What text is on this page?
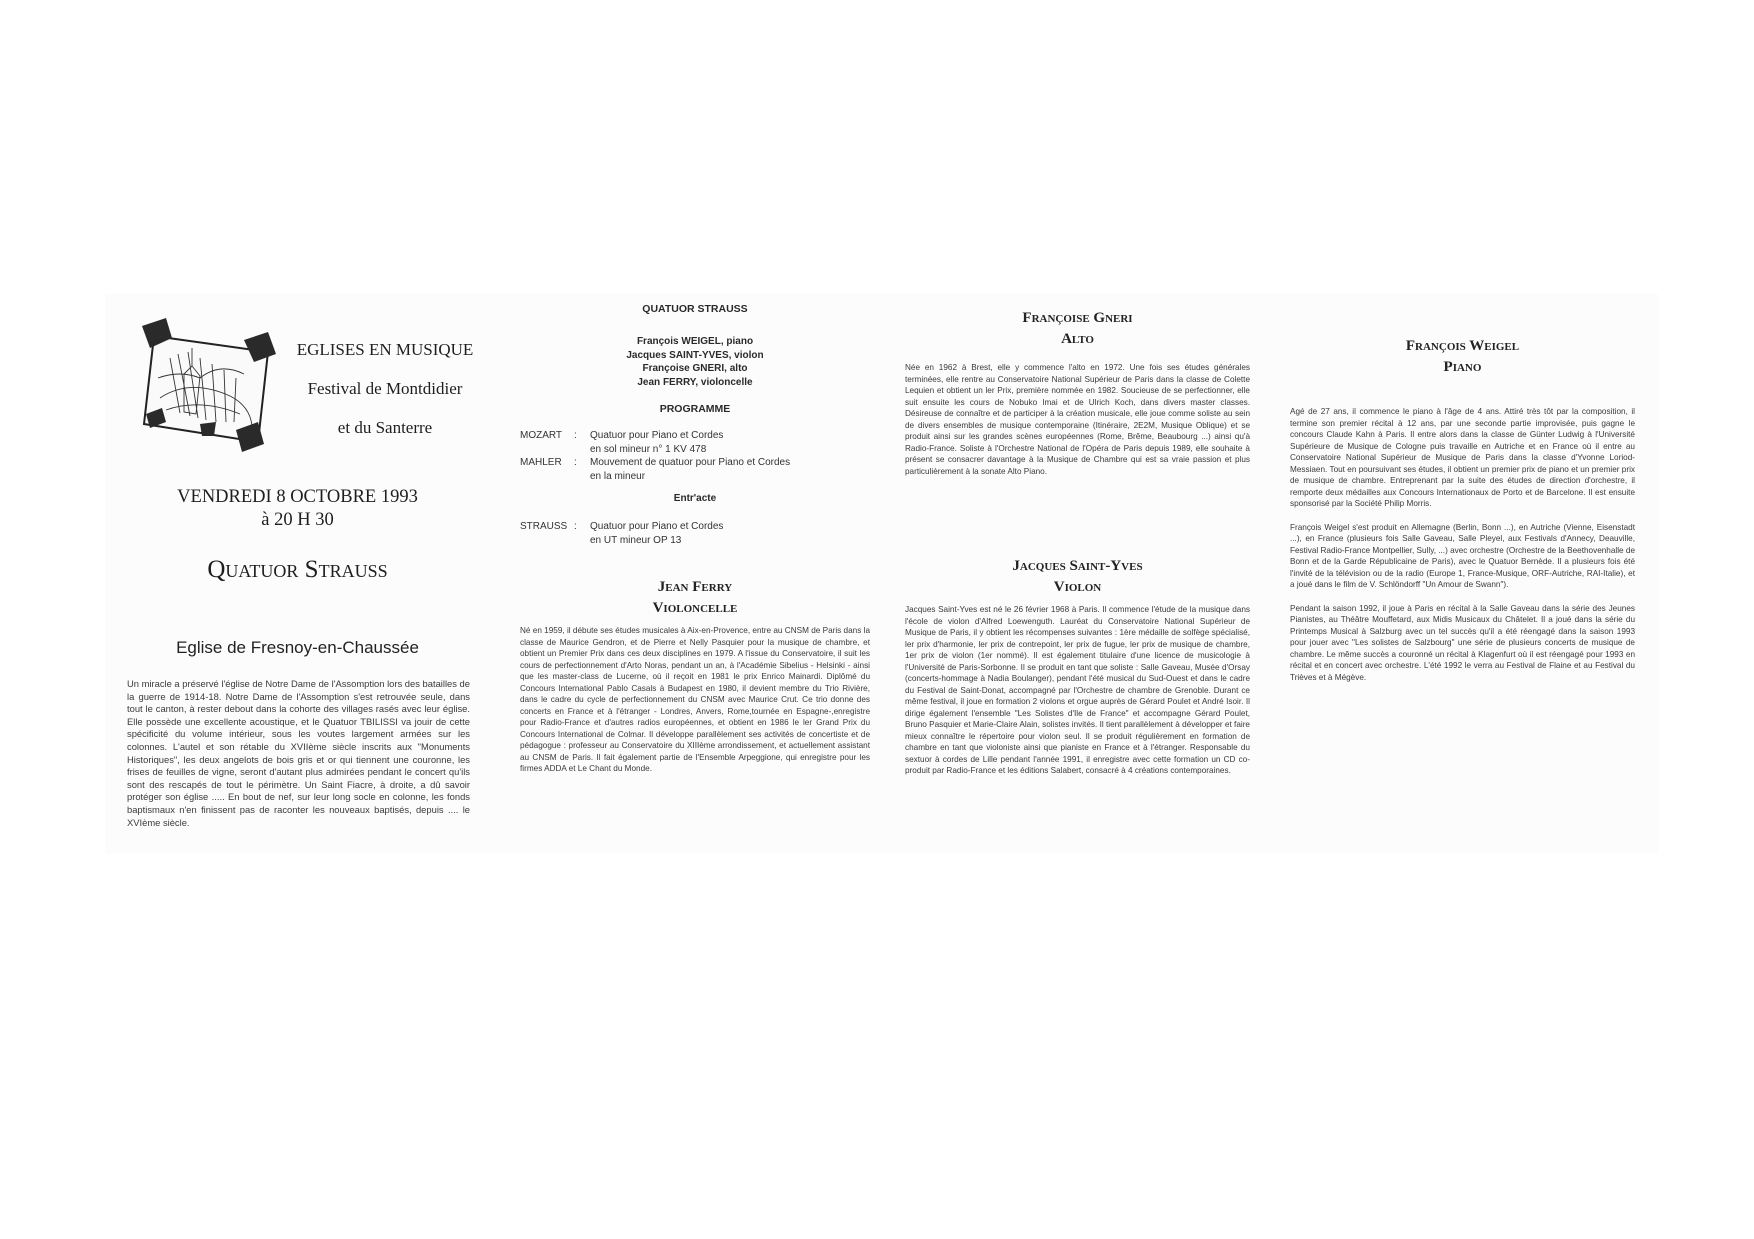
EGLISES EN MUSIQUE
Festival de Montdidier
et du Santerre
VENDREDI 8 OCTOBRE 1993
à 20 H 30
Quatuor Strauss
Eglise de Fresnoy-en-Chaussée

Un miracle a préservé l'église de Notre Dame de l'Assomption lors des batailles de la guerre de 1914-18. Notre Dame de l'Assomption s'est retrouvée seule, dans tout le canton, à rester debout dans la cohorte des villages rasés avec leur église. Elle possède une excellente acoustique, et le Quatuor TBILISSI va jouir de cette spécificité du volume intérieur, sous les voutes largement armées sur les colonnes. L'autel et son rétable du XVIIème siècle inscrits aux "Monuments Historiques", les deux angelots de bois gris et or qui tiennent une couronne, les frises de feuilles de vigne, seront d'autant plus admirées pendant le concert qu'ils sont des rescapés de tout le périmètre. Un Saint Fiacre, à droite, a dû savoir protéger son église ..... En bout de nef, sur leur long socle en colonne, les fonds baptismaux n'en finissent pas de raconter les nouveaux baptisés, depuis .... le XVIème siècle.

QUATUOR STRAUSS
François WEIGEL, piano
Jacques SAINT-YVES, violon
Françoise GNERI, alto
Jean FERRY, violoncelle
PROGRAMME
MOZART	:	Quatuor pour Piano et Cordes
en sol mineur n° 1 KV 478
MAHLER	:	Mouvement de quatuor pour Piano et Cordes
en la mineur
Entr'acte
STRAUSS :	Quatuor pour Piano et Cordes
en UT mineur OP 13
Jean Ferry
Violoncelle

Né en 1959, il débute ses études musicales à Aix-en-Provence, entre au CNSM de Paris dans la classe de Maurice Gendron, et de Pierre et Nelly Pasquier pour la musique de chambre, et obtient un Premier Prix dans ces deux disciplines en 1979. A l'issue du Conservatoire, il suit les cours de perfectionnement d'Arto Noras, pendant un an, à l'Académie Sibelius - Helsinki - ainsi que les master-class de Lucerne, où il reçoit en 1981 le prix Enrico Mainardi. Diplômé du Concours International Pablo Casals à Budapest en 1980, il devient membre du Trio Rivière, dans le cadre du cycle de perfectionnement du CNSM avec Maurice Crut. Ce trio donne des concerts en France et à l'étranger - Londres, Anvers, Rome,tournée en Espagne-,enregistre pour Radio-France et d'autres radios européennes, et obtient en 1986 le ler Grand Prix du Concours International de Colmar. Il développe parallèlement ses activités de concertiste et de pédagogue : professeur au Conservatoire du XIIIème arrondissement, et actuellement assistant au CNSM de Paris. Il fait également partie de l'Ensemble Arpeggione, qui enregistre pour les firmes ADDA et Le Chant du Monde.

Françoise Gneri
Alto

Née en 1962 à Brest, elle y commence l'alto en 1972. Une fois ses études générales terminées, elle rentre au Conservatoire National Supérieur de Paris dans la classe de Colette Lequien et obtient un ler Prix, première nommée en 1982. Soucieuse de se perfectionner, elle suit ensuite les cours de Nobuko Imai et de Ulrich Koch, dans divers master classes. Désireuse de connaître et de participer à la création musicale, elle joue comme soliste au sein de divers ensembles de musique contemporaine (Itinéraire, 2E2M, Musique Oblique) et se produit ainsi sur les grandes scènes européennes (Rome, Brême, Beaubourg ...) ainsi qu'à Radio-France. Soliste à l'Orchestre National de l'Opéra de Paris depuis 1989, elle souhaite à présent se consacrer davantage à la Musique de Chambre qui est sa vraie passion et plus particulièrement à la sonate Alto Piano.

Jacques Saint-Yves
Violon

Jacques Saint-Yves est né le 26 février 1968 à Paris. Il commence l'étude de la musique dans l'école de violon d'Alfred Loewenguth. Lauréat du Conservatoire National Supérieur de Musique de Paris, il y obtient les récompenses suivantes : 1ère médaille de solfège spécialisé, ler prix d'harmonie, ler prix de contrepoint, ler prix de fugue, ler prix de musique de chambre, 1er prix de violon (1er nommé). Il est également titulaire d'une licence de musicologie à l'Université de Paris-Sorbonne. Il se produit en tant que soliste : Salle Gaveau, Musée d'Orsay (concerts-hommage à Nadia Boulanger), pendant l'été musical du Sud-Ouest et dans le cadre du Festival de Saint-Donat, accompagné par l'Orchestre de chambre de Grenoble. Durant ce même festival, il joue en formation 2 violons et orgue auprès de Gérard Poulet et André Isoir. Il dirige également l'ensemble "Les Solistes d'Ile de France" et accompagne Gérard Poulet, Bruno Pasquier et Marie-Claire Alain, solistes invités. Il tient parallèlement à développer et faire mieux connaître le répertoire pour violon seul. Il se produit régulièrement en formation de chambre en tant que violoniste ainsi que pianiste en France et à l'étranger. Responsable du sextuor à cordes de Lille pendant l'année 1991, il enregistre avec cette formation un CD co-produit par Radio-France et les éditions Salabert, consacré à 4 créations contemporaines.

François Weigel
Piano

Agé de 27 ans, il commence le piano à l'âge de 4 ans. Attiré très tôt par la composition, il termine son premier récital à 12 ans, par une seconde partie improvisée, puis gagne le concours Claude Kahn à Paris. Il entre alors dans la classe de Günter Ludwig à l'Université Supérieure de Musique de Cologne puis travaille en Autriche et en France où il entre au Conservatoire National Supérieur de Musique de Paris dans la classe d'Yvonne Loriod-Messiaen. Tout en poursuivant ses études, il obtient un premier prix de piano et un premier prix de musique de chambre. Entreprenant par la suite des études de direction d'orchestre, il remporte deux médailles aux Concours Internationaux de Porto et de Barcelone. Il est ensuite sponsorisé par la Société Philip Morris.

François Weigel s'est produit en Allemagne (Berlin, Bonn ...), en Autriche (Vienne, Eisenstadt ...), en France (plusieurs fois Salle Gaveau, Salle Pleyel, aux Festivals d'Annecy, Deauville, Festival Radio-France Montpellier, Sully, ...) avec orchestre (Orchestre de la Beethovenhalle de Bonn et de la Garde Républicaine de Paris), avec le Quatuor Bernède. Il a plusieurs fois été l'invité de la télévision ou de la radio (Europe 1, France-Musique, ORF-Autriche, RAI-Italie), et a joué dans le film de V. Schlöndorff "Un Amour de Swann").

Pendant la saison 1992, il joue à Paris en récital à la Salle Gaveau dans la série des Jeunes Pianistes, au Théâtre Mouffetard, aux Midis Musicaux du Châtelet. Il a joué dans la série du Printemps Musical à Salzburg avec un tel succès qu'il a été réengagé dans la saison 1993 pour jouer avec "Les solistes de Salzbourg" une série de plusieurs concerts de musique de chambre. Le même succès a couronné un récital à Klagenfurt où il est réengagé pour 1993 en récital et en concert avec orchestre. L'été 1992 le verra au Festival de Flaine et au Festival du Trièves et à Mégève.
